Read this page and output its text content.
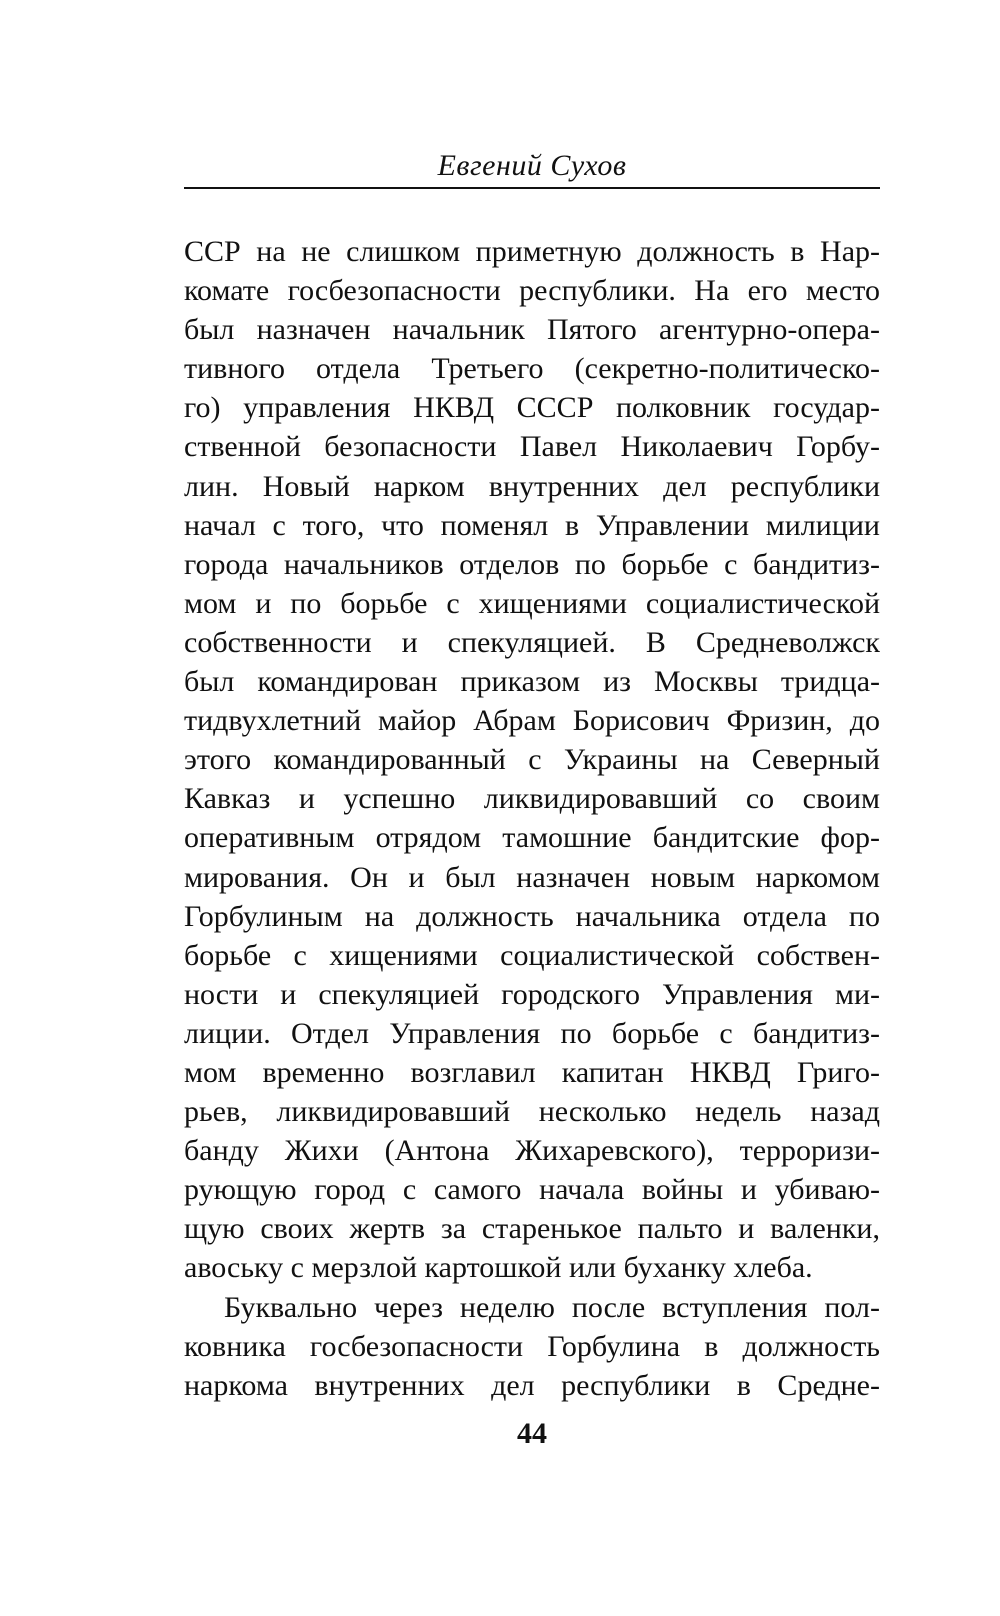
Евгений Сухов
ССР на не слишком приметную должность в Нар-
комате госбезопасности республики. На его место
был назначен начальник Пятого агентурно-опера-
тивного отдела Третьего (секретно-политическо-
го) управления НКВД СССР полковник государ-
ственной безопасности Павел Николаевич Горбу-
лин. Новый нарком внутренних дел республики
начал с того, что поменял в Управлении милиции
города начальников отделов по борьбе с бандитиз-
мом и по борьбе с хищениями социалистической
собственности и спекуляцией. В Средневолжск
был командирован приказом из Москвы тридца-
тидвухлетний майор Абрам Борисович Фризин, до
этого командированный с Украины на Северный
Кавказ и успешно ликвидировавший со своим
оперативным отрядом тамошние бандитские фор-
мирования. Он и был назначен новым наркомом
Горбулиным на должность начальника отдела по
борьбе с хищениями социалистической собствен-
ности и спекуляцией городского Управления ми-
лиции. Отдел Управления по борьбе с бандитиз-
мом временно возглавил капитан НКВД Григо-
рьев, ликвидировавший несколько недель назад
банду Жихи (Антона Жихаревского), терроризи-
рующую город с самого начала войны и убиваю-
щую своих жертв за старенькое пальто и валенки,
авоську с мерзлой картошкой или буханку хлеба.
Буквально через неделю после вступления пол-
ковника госбезопасности Горбулина в должность
наркома внутренних дел республики в Средне-
44
